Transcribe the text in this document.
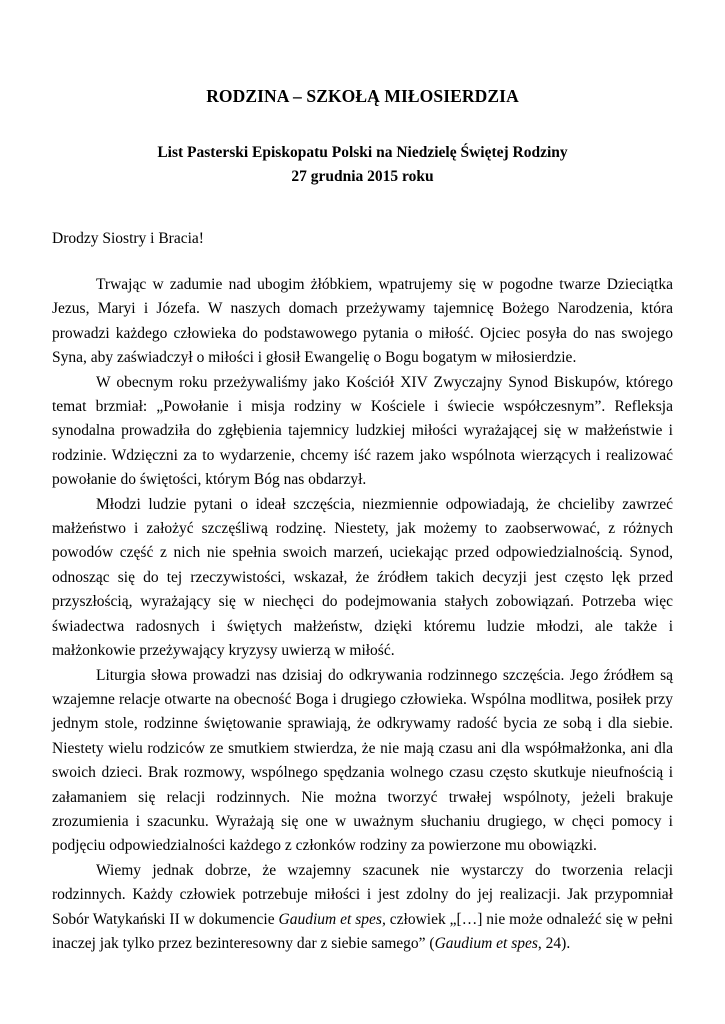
RODZINA – SZKOŁĄ MIŁOSIERDZIA

List Pasterski Episkopatu Polski na Niedzielę Świętej Rodziny

27 grudnia 2015 roku

Drodzy Siostry i Bracia!

Trwając w zadumie nad ubogim żłóbkiem, wpatrujemy się w pogodne twarze Dzieciątka Jezus, Maryi i Józefa. W naszych domach przeżywamy tajemnicę Bożego Narodzenia, która prowadzi każdego człowieka do podstawowego pytania o miłość. Ojciec posyła do nas swojego Syna, aby zaświadczył o miłości i głosił Ewangelię o Bogu bogatym w miłosierdzie.

W obecnym roku przeżywaliśmy jako Kościół XIV Zwyczajny Synod Biskupów, którego temat brzmiał: „Powołanie i misja rodziny w Kościele i świecie współczesnym”. Refleksja synodalna prowadziła do zgłębienia tajemnicy ludzkiej miłości wyrażającej się w małżeństwie i rodzinie. Wdzięczni za to wydarzenie, chcemy iść razem jako wspólnota wierzących i realizować powołanie do świętości, którym Bóg nas obdarzył.

Młodzi ludzie pytani o ideał szczęścia, niezmiennie odpowiadają, że chcieliby zawrzeć małżeństwo i założyć szczęśliwą rodzinę. Niestety, jak możemy to zaobserwować, z różnych powodów część z nich nie spełnia swoich marzeń, uciekając przed odpowiedzialnością. Synod, odnosząc się do tej rzeczywistości, wskazał, że źródłem takich decyzji jest często lęk przed przyszłością, wyrażający się w niechęci do podejmowania stałych zobowiązań. Potrzeba więc świadectwa radosnych i świętych małżeństw, dzięki któremu ludzie młodzi, ale także i małżonkowie przeżywający kryzysy uwierzą w miłość.

Liturgia słowa prowadzi nas dzisiaj do odkrywania rodzinnego szczęścia. Jego źródłem są wzajemne relacje otwarte na obecność Boga i drugiego człowieka. Wspólna modlitwa, posiłek przy jednym stole, rodzinne świętowanie sprawiają, że odkrywamy radość bycia ze sobą i dla siebie. Niestety wielu rodziców ze smutkiem stwierdza, że nie mają czasu ani dla współmałżonka, ani dla swoich dzieci. Brak rozmowy, wspólnego spędzania wolnego czasu często skutkuje nieufnością i załamaniem się relacji rodzinnych. Nie można tworzyć trwałej wspólnoty, jeżeli brakuje zrozumienia i szacunku. Wyrażają się one w uważnym słuchaniu drugiego, w chęci pomocy i podjęciu odpowiedzialności każdego z członków rodziny za powierzone mu obowiązki.

Wiemy jednak dobrze, że wzajemny szacunek nie wystarczy do tworzenia relacji rodzinnych. Każdy człowiek potrzebuje miłości i jest zdolny do jej realizacji. Jak przypomniał Sobór Watykański II w dokumencie Gaudium et spes, człowiek „[…] nie może odnaleźć się w pełni inaczej jak tylko przez bezinteresowny dar z siebie samego” (Gaudium et spes, 24).
